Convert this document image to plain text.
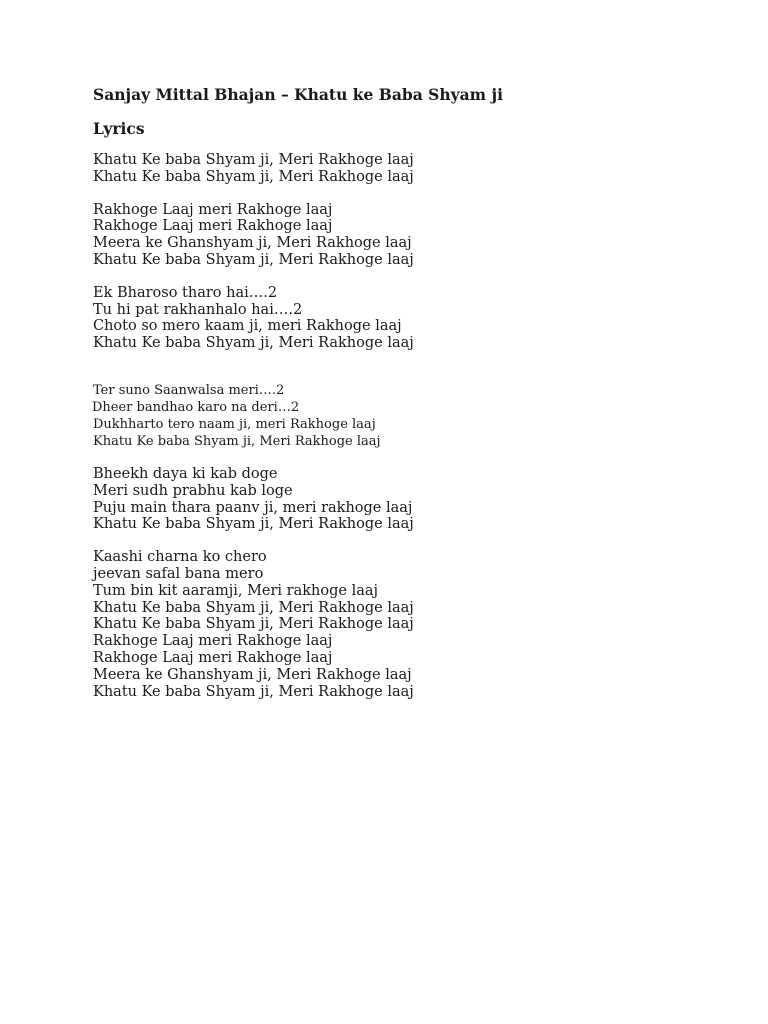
Sanjay Mittal Bhajan – Khatu ke Baba Shyam ji
Lyrics
Khatu Ke baba Shyam ji, Meri Rakhoge laaj
Khatu Ke baba Shyam ji, Meri Rakhoge laaj
Rakhoge Laaj meri Rakhoge laaj
Rakhoge Laaj meri Rakhoge laaj
Meera ke Ghanshyam ji, Meri Rakhoge laaj
Khatu Ke baba Shyam ji, Meri Rakhoge laaj
Ek Bharoso tharo hai….2
Tu hi pat rakhanhalo hai….2
Choto so mero kaam ji, meri Rakhoge laaj
Khatu Ke baba Shyam ji, Meri Rakhoge laaj
Ter suno Saanwalsa meri….2
Dheer bandhao karo na deri…2
Dukhharto tero naam ji, meri Rakhoge laaj
Khatu Ke baba Shyam ji, Meri Rakhoge laaj
Bheekh daya ki kab doge
Meri sudh prabhu kab loge
Puju main thara paanv ji, meri rakhoge laaj
Khatu Ke baba Shyam ji, Meri Rakhoge laaj
Kaashi charna ko chero
jeevan safal bana mero
Tum bin kit aaramji, Meri rakhoge laaj
Khatu Ke baba Shyam ji, Meri Rakhoge laaj
Khatu Ke baba Shyam ji, Meri Rakhoge laaj
Rakhoge Laaj meri Rakhoge laaj
Rakhoge Laaj meri Rakhoge laaj
Meera ke Ghanshyam ji, Meri Rakhoge laaj
Khatu Ke baba Shyam ji, Meri Rakhoge laaj
